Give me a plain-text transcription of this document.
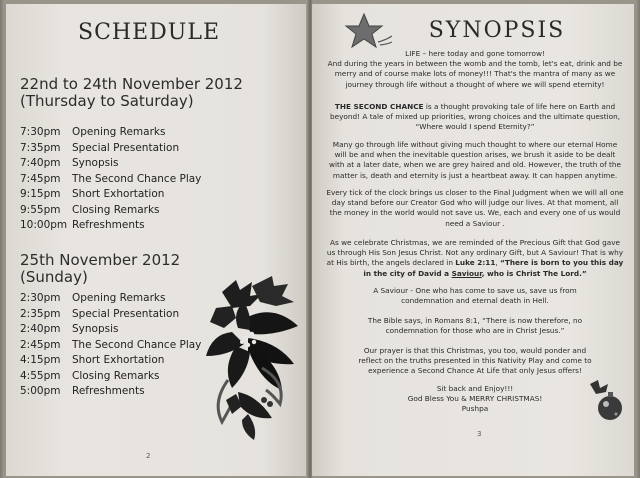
SCHEDULE
22nd to 24th November 2012
(Thursday to Saturday)
7:30pm	Opening Remarks
7:35pm	Special Presentation
7:40pm	Synopsis
7:45pm	The Second Chance Play
9:15pm	Short Exhortation
9:55pm	Closing Remarks
10:00pm Refreshments
25th November 2012
(Sunday)
2:30pm	Opening Remarks
2:35pm	Special Presentation
2:40pm	Synopsis
2:45pm	The Second Chance Play
4:15pm	Short Exhortation
4:55pm	Closing Remarks
5:00pm	Refreshments
2
SYNOPSIS
LIFE – here today and gone tomorrow!
And during the years in between the womb and the tomb, let's eat, drink and be merry and of course make lots of money!!! That's the mantra of many as we journey through life without a thought of where we will spend eternity!
THE SECOND CHANCE is a thought provoking tale of life here on Earth and beyond! A tale of mixed up priorities, wrong choices and the ultimate question, “Where would I spend Eternity?”
Many go through life without giving much thought to where our eternal Home will be and when the inevitable question arises, we brush it aside to be dealt with at a later date, when we are grey haired and old. However, the truth of the matter is, death and eternity is just a heartbeat away. It can happen anytime.
Every tick of the clock brings us closer to the Final Judgment when we will all one day stand before our Creator God who will judge our lives. At that moment, all the money in the world would not save us. We, each and every one of us would need a Saviour .
As we celebrate Christmas, we are reminded of the Precious Gift that God gave us through His Son Jesus Christ. Not any ordinary Gift, but A Saviour! That is why at His birth, the angels declared in Luke 2:11, “There is born to you this day in the city of David a Saviour, who is Christ The Lord.”
A Saviour - One who has come to save us, save us from condemnation and eternal death in Hell.
The Bible says, in Romans 8:1, “There is now therefore, no condemnation for those who are in Christ Jesus.”
Our prayer is that this Christmas, you too, would ponder and reflect on the truths presented in this Nativity Play and come to experience a Second Chance At Life that only Jesus offers!
Sit back and Enjoy!!!
God Bless You & MERRY CHRISTMAS!
Pushpa
3
